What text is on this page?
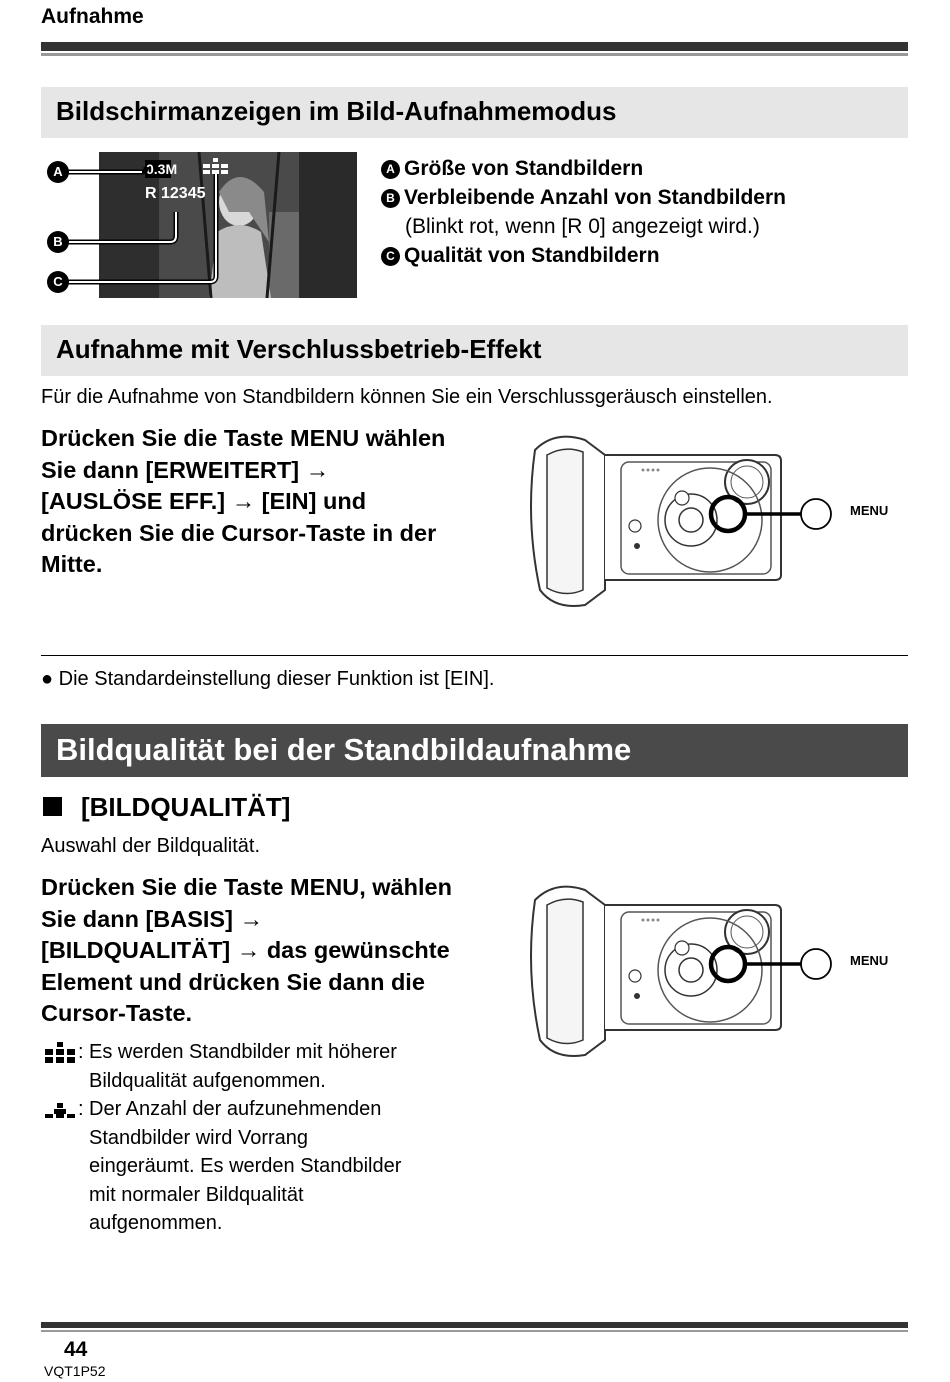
Aufnahme
Bildschirmanzeigen im Bild-Aufnahmemodus
0.3M
R 12345
A
B
C
A Größe von Standbildern
B Verbleibende Anzahl von Standbildern
(Blinkt rot, wenn [R 0] angezeigt wird.)
C Qualität von Standbildern
Aufnahme mit Verschlussbetrieb-Effekt
Für die Aufnahme von Standbildern können Sie ein Verschlussgeräusch einstellen.
Drücken Sie die Taste MENU wählen
Sie dann [ERWEITERT] →
[AUSLÖSE EFF.] → [EIN] und
drücken Sie die Cursor-Taste in der
Mitte.
MENU
● Die Standardeinstellung dieser Funktion ist [EIN].
Bildqualität bei der Standbildaufnahme
[BILDQUALITÄT]
Auswahl der Bildqualität.
Drücken Sie die Taste MENU, wählen
Sie dann [BASIS] →
[BILDQUALITÄT] → das gewünschte
Element und drücken Sie dann die
Cursor-Taste.
MENU
: Es werden Standbilder mit höherer
Bildqualität aufgenommen.
: Der Anzahl der aufzunehmenden
Standbilder wird Vorrang
eingeräumt. Es werden Standbilder
mit normaler Bildqualität
aufgenommen.
44
VQT1P52
